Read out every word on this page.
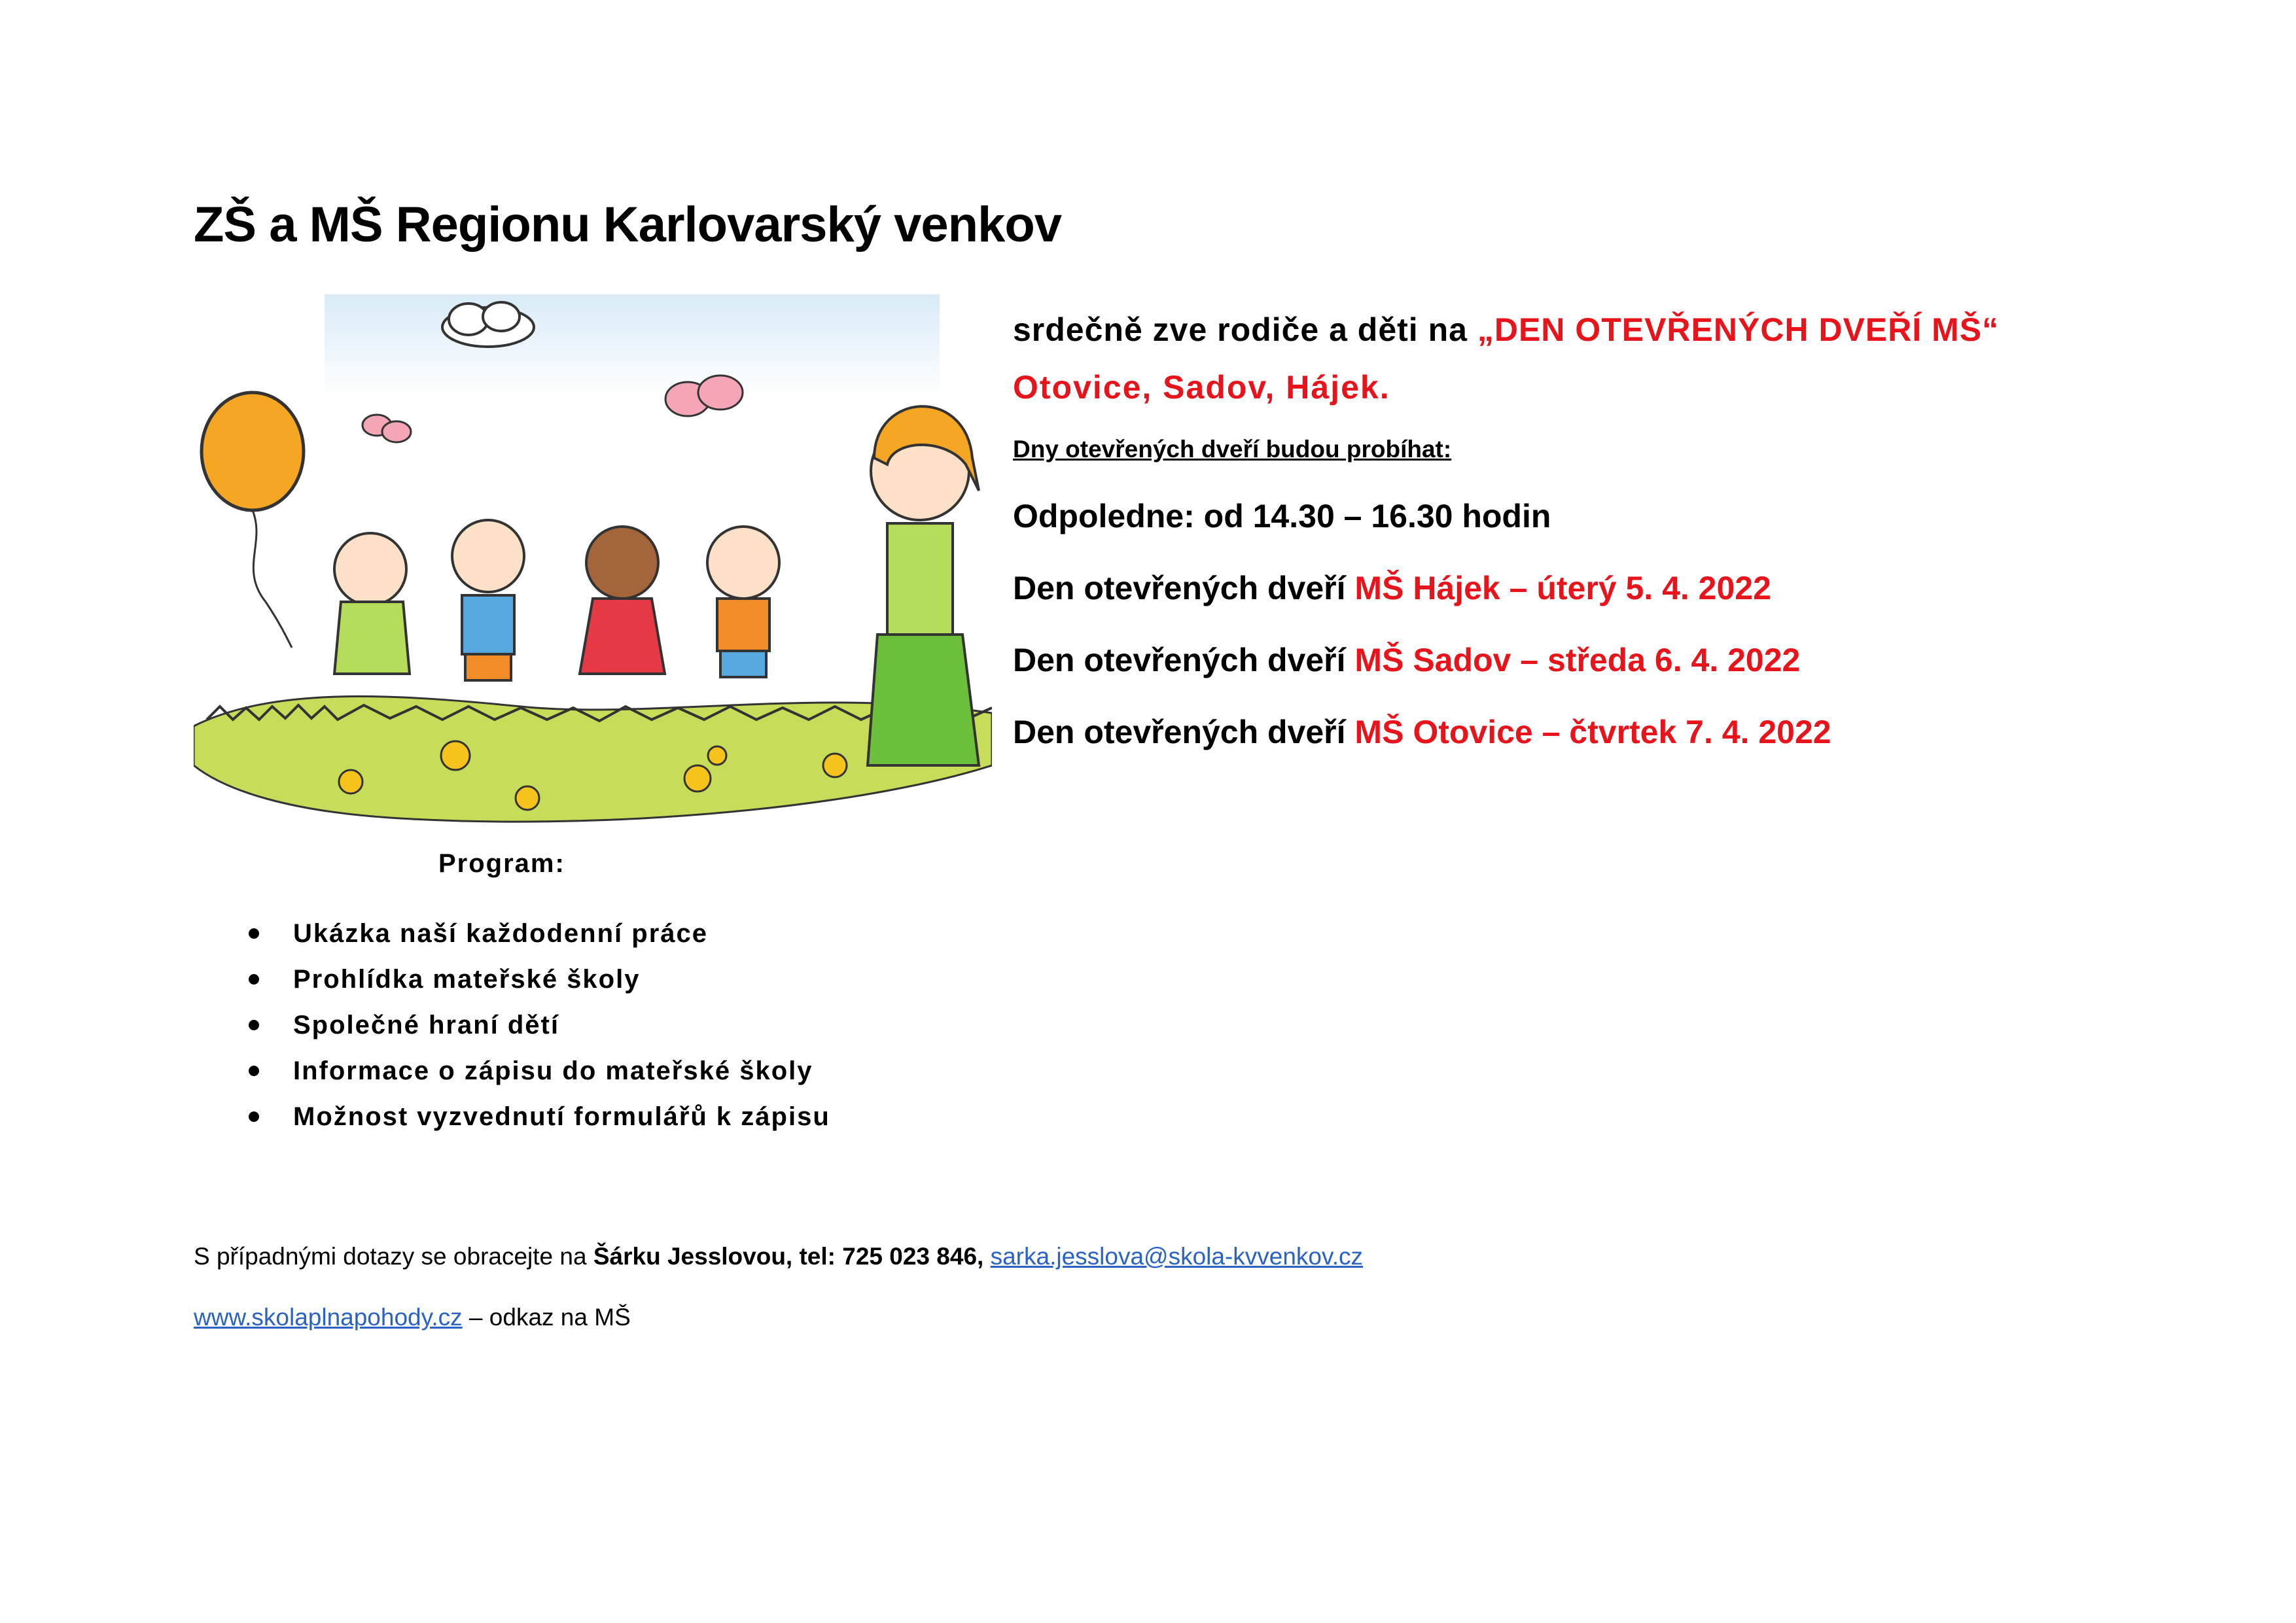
ZŠ a MŠ Regionu Karlovarský venkov
srdečně zve rodiče a děti na „DEN OTEVŘENÝCH DVEŘÍ MŠ“
Otovice, Sadov, Hájek.
Dny otevřených dveří budou probíhat:
Odpoledne: od 14.30 – 16.30 hodin
Den otevřených dveří MŠ Hájek – úterý 5. 4. 2022
Den otevřených dveří MŠ Sadov – středa 6. 4. 2022
Den otevřených dveří MŠ Otovice – čtvrtek 7. 4. 2022
Program:
Ukázka naší každodenní práce
Prohlídka mateřské školy
Společné hraní dětí
Informace o zápisu do mateřské školy
Možnost vyzvednutí formulářů k zápisu
S případnými dotazy se obracejte na Šárku Jesslovou, tel: 725 023 846, sarka.jesslova@skola-kvvenkov.cz
www.skolaplnapohody.cz – odkaz na MŠ
